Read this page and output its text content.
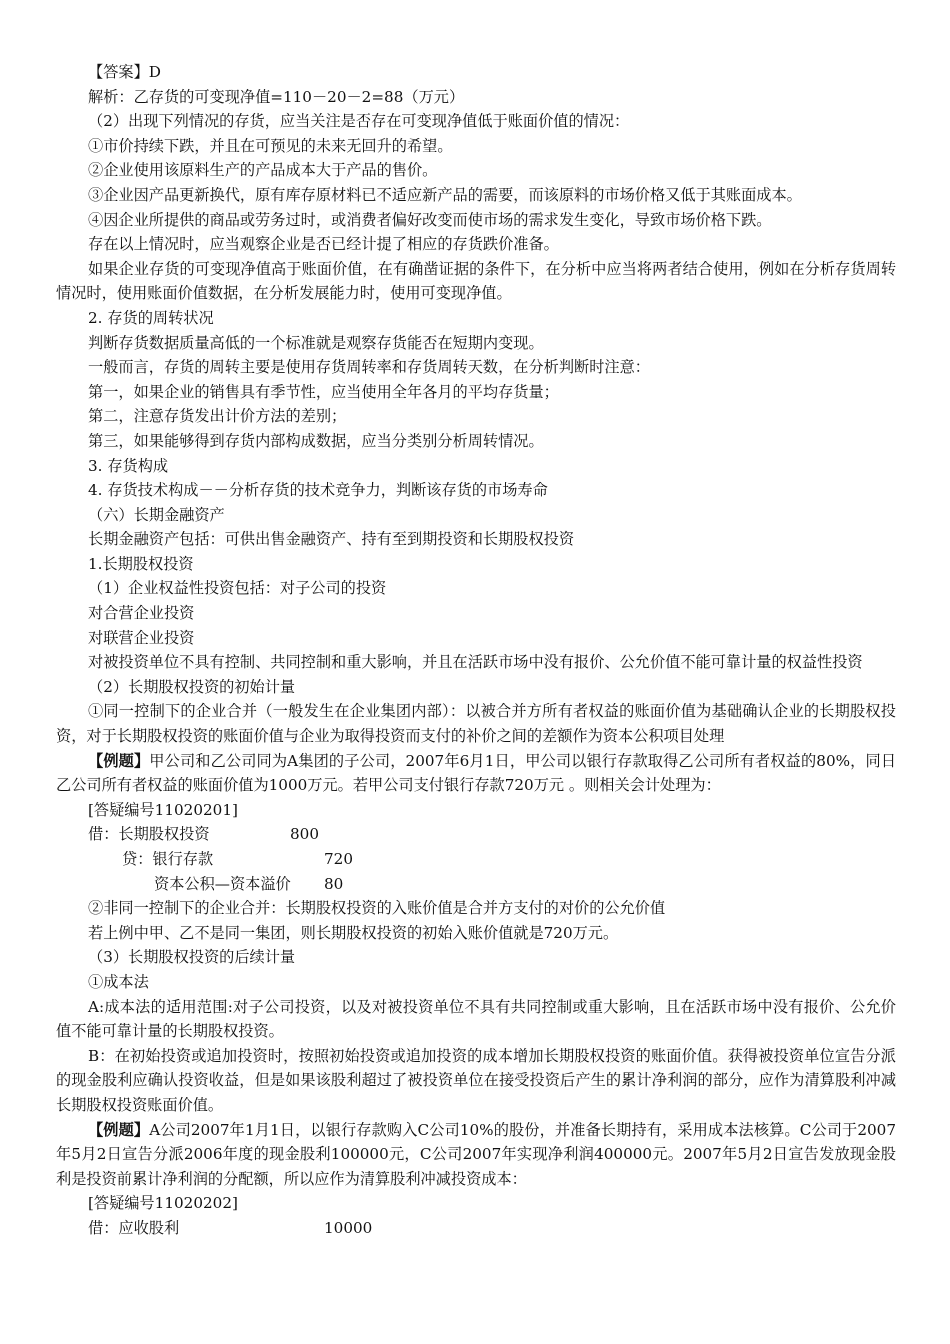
【答案】D

解析：乙存货的可变现净值=110－20－2=88（万元）

（2）出现下列情况的存货，应当关注是否存在可变现净值低于账面价值的情况：

①市价持续下跌，并且在可预见的未来无回升的希望。

②企业使用该原料生产的产品成本大于产品的售价。

③企业因产品更新换代，原有库存原材料已不适应新产品的需要，而该原料的市场价格又低于其账面成本。

④因企业所提供的商品或劳务过时，或消费者偏好改变而使市场的需求发生变化，导致市场价格下跌。

存在以上情况时，应当观察企业是否已经计提了相应的存货跌价准备。

如果企业存货的可变现净值高于账面价值，在有确凿证据的条件下，在分析中应当将两者结合使用，例如在分析存货周转情况时，使用账面价值数据，在分析发展能力时，使用可变现净值。

2. 存货的周转状况

判断存货数据质量高低的一个标准就是观察存货能否在短期内变现。

一般而言，存货的周转主要是使用存货周转率和存货周转天数，在分析判断时注意：

第一，如果企业的销售具有季节性，应当使用全年各月的平均存货量；

第二，注意存货发出计价方法的差别；

第三，如果能够得到存货内部构成数据，应当分类别分析周转情况。

3. 存货构成

4. 存货技术构成－－分析存货的技术竞争力，判断该存货的市场寿命

（六）长期金融资产

长期金融资产包括：可供出售金融资产、持有至到期投资和长期股权投资

1.长期股权投资

（1）企业权益性投资包括：对子公司的投资

对合营企业投资

对联营企业投资

对被投资单位不具有控制、共同控制和重大影响，并且在活跃市场中没有报价、公允价值不能可靠计量的权益性投资

（2）长期股权投资的初始计量

①同一控制下的企业合并（一般发生在企业集团内部）：以被合并方所有者权益的账面价值为基础确认企业的长期股权投资，对于长期股权投资的账面价值与企业为取得投资而支付的补价之间的差额作为资本公积项目处理

【例题】甲公司和乙公司同为A集团的子公司，2007年6月1日，甲公司以银行存款取得乙公司所有者权益的80%，同日乙公司所有者权益的账面价值为1000万元。若甲公司支付银行存款720万元 。则相关会计处理为：

[答疑编号11020201]

借：长期股权投资	800
贷：银行存款	720
资本公积—资本溢价 80

②非同一控制下的企业合并：长期股权投资的入账价值是合并方支付的对价的公允价值

若上例中甲、乙不是同一集团，则长期股权投资的初始入账价值就是720万元。

（3）长期股权投资的后续计量

①成本法

A:成本法的适用范围:对子公司投资，以及对被投资单位不具有共同控制或重大影响，且在活跃市场中没有报价、公允价值不能可靠计量的长期股权投资。

B：在初始投资或追加投资时，按照初始投资或追加投资的成本增加长期股权投资的账面价值。获得被投资单位宣告分派的现金股利应确认投资收益，但是如果该股利超过了被投资单位在接受投资后产生的累计净利润的部分，应作为清算股利冲减长期股权投资账面价值。

【例题】A公司2007年1月1日，以银行存款购入C公司10%的股份，并准备长期持有，采用成本法核算。C公司于2007年5月2日宣告分派2006年度的现金股利100000元，C公司2007年实现净利润400000元。2007年5月2日宣告发放现金股利是投资前累计净利润的分配额，所以应作为清算股利冲减投资成本：

[答疑编号11020202]

借：应收股利	10000
